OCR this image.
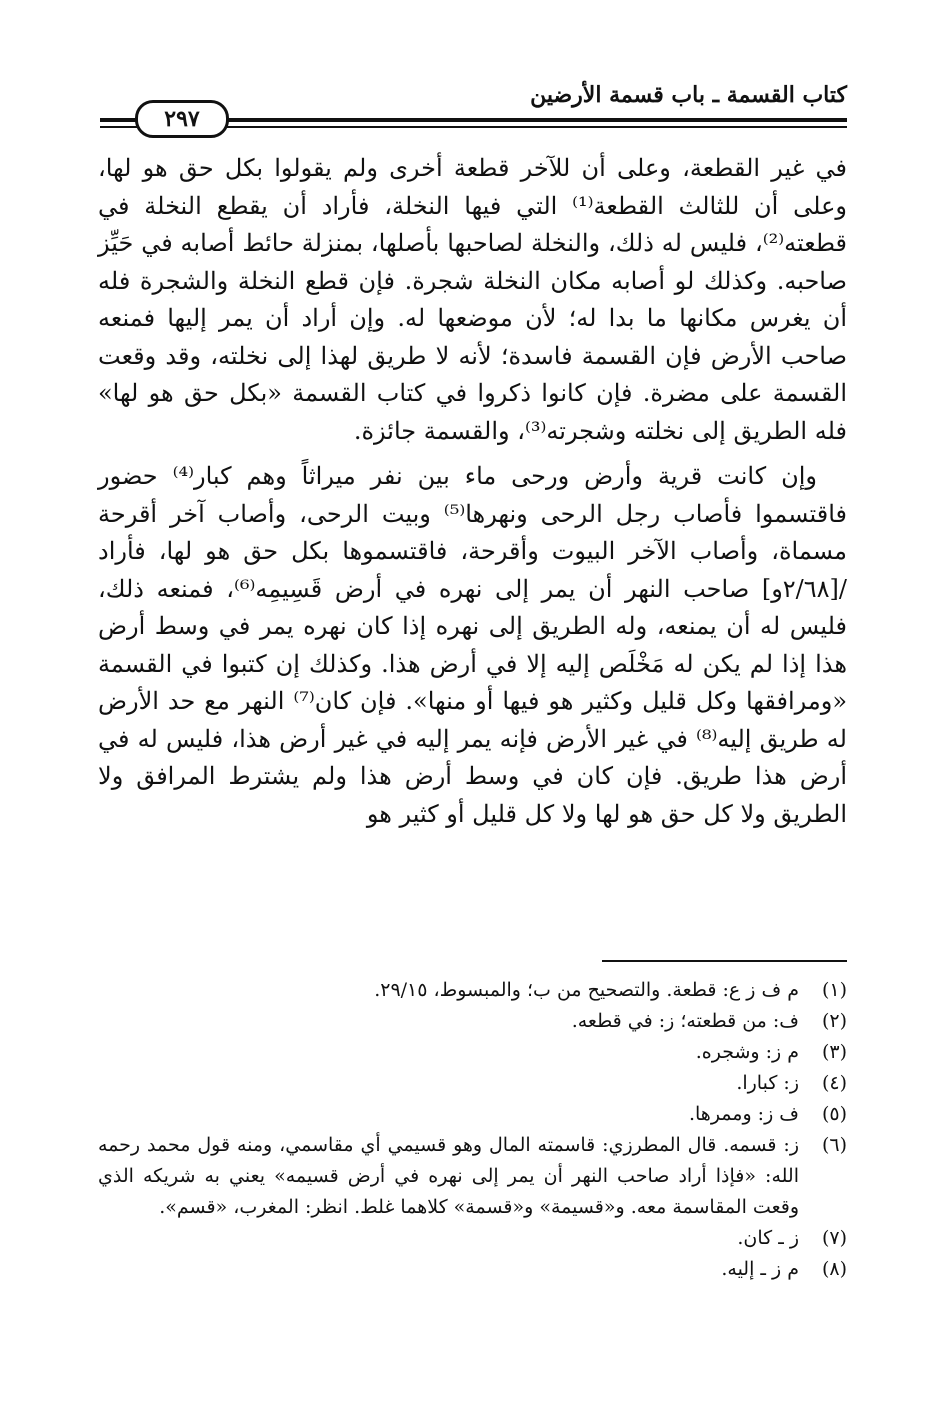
كتاب القسمة ـ باب قسمة الأرضين
٢٩٧

في غير القطعة، وعلى أن للآخر قطعة أخرى ولم يقولوا بكل حق هو لها، وعلى أن للثالث القطعة⁽¹⁾ التي فيها النخلة، فأراد أن يقطع النخلة في قطعته⁽²⁾، فليس له ذلك، والنخلة لصاحبها بأصلها، بمنزلة حائط أصابه في حَيِّز صاحبه. وكذلك لو أصابه مكان النخلة شجرة. فإن قطع النخلة والشجرة فله أن يغرس مكانها ما بدا له؛ لأن موضعها له. وإن أراد أن يمر إليها فمنعه صاحب الأرض فإن القسمة فاسدة؛ لأنه لا طريق لهذا إلى نخلته، وقد وقعت القسمة على مضرة. فإن كانوا ذكروا في كتاب القسمة «بكل حق هو لها» فله الطريق إلى نخلته وشجرته⁽³⁾، والقسمة جائزة.

وإن كانت قرية وأرض ورحى ماء بين نفر ميراثاً وهم كبار⁽⁴⁾ حضور فاقتسموا فأصاب رجل الرحى ونهرها⁽⁵⁾ وبيت الرحى، وأصاب آخر أقرحة مسماة، وأصاب الآخر البيوت وأقرحة، فاقتسموها بكل حق هو لها، فأراد /[٢/٦٨و] صاحب النهر أن يمر إلى نهره في أرض قَسِيمِه⁽⁶⁾، فمنعه ذلك، فليس له أن يمنعه، وله الطريق إلى نهره إذا كان نهره يمر في وسط أرض هذا إذا لم يكن له مَخْلَص إليه إلا في أرض هذا. وكذلك إن كتبوا في القسمة «ومرافقها وكل قليل وكثير هو فيها أو منها». فإن كان⁽⁷⁾ النهر مع حد الأرض له طريق إليه⁽⁸⁾ في غير الأرض فإنه يمر إليه في غير أرض هذا، فليس له في أرض هذا طريق. فإن كان في وسط أرض هذا ولم يشترط المرافق ولا الطريق ولا كل حق هو لها ولا كل قليل أو كثير هو

(١)
م ف ز ع: قطعة. والتصحيح من ب؛ والمبسوط، ٢٩/١٥.
(٢)
ف: من قطعته؛ ز: في قطعه.
(٣)
م ز: وشجره.
(٤)
ز: كبارا.
(٥)
ف ز: وممرها.
(٦)
ز: قسمه. قال المطرزي: قاسمته المال وهو قسيمي أي مقاسمي، ومنه قول محمد رحمه الله: «فإذا أراد صاحب النهر أن يمر إلى نهره في أرض قسيمه» يعني به شريكه الذي وقعت المقاسمة معه. و«قسيمة» و«قسمة» كلاهما غلط. انظر: المغرب، «قسم».
(٧)
ز ـ كان.
(٨)
م ز ـ إليه.
